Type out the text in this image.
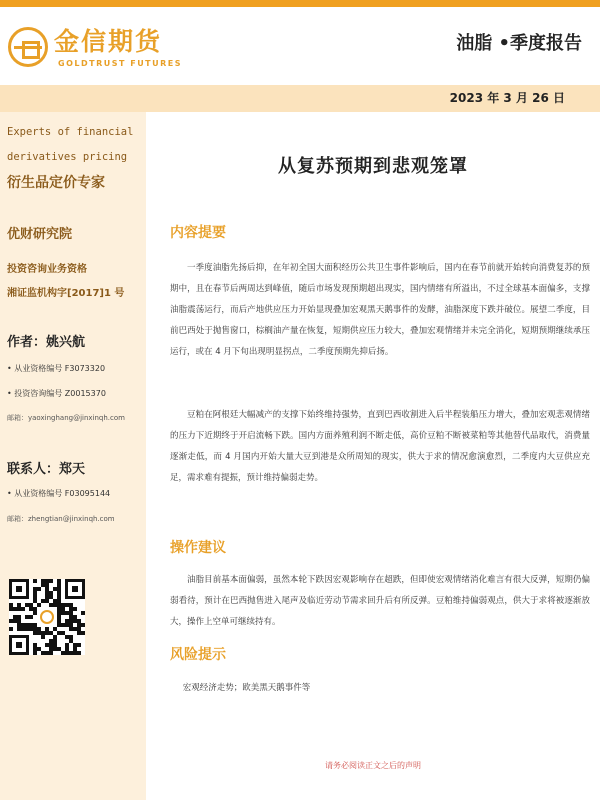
金信期货
GOLDTRUST FUTURES
油脂 •季度报告
2023 年 3 月 26 日
Experts of financial
derivatives pricing
衍生品定价专家
优财研究院
投资咨询业务资格
湘证监机构字[2017]1 号
作者：姚兴航
• 从业资格编号 F3073320
• 投资咨询编号 Z0015370
邮箱：yaoxinghang@jinxinqh.com
联系人：郑天
• 从业资格编号 F03095144
邮箱：zhengtian@jinxinqh.com
从复苏预期到悲观笼罩
内容提要

一季度油脂先扬后抑，在年初全国大面积经历公共卫生事件影响后，国内在春节前就开始转向消费复苏的预期中，且在春节后两周达到峰值，随后市场发现预期超出现实，国内情绪有所溢出，不过全球基本面偏多，支撑油脂震荡运行，而后产地供应压力开始显现叠加宏观黑天鹅事件的发酵，油脂深度下跌并破位。展望二季度，目前巴西处于抛售窗口，棕榈油产量在恢复，短期供应压力较大，叠加宏观情绪并未完全消化，短期预期继续承压运行，或在 4 月下旬出现明显拐点，二季度预期先抑后扬。

豆粕在阿根廷大幅减产的支撑下始终维持强势，直到巴西收割进入后半程装船压力增大，叠加宏观悲观情绪的压力下近期终于开启流畅下跌。国内方面养殖利润不断走低，高价豆粕不断被菜粕等其他替代品取代，消费量逐渐走低，而 4 月国内开始大量大豆到港是众所周知的现实，供大于求的情况愈演愈烈，二季度内大豆供应充足，需求难有提振，预计维持偏弱走势。

操作建议

油脂目前基本面偏弱，虽然本轮下跌因宏观影响存在超跌，但即使宏观情绪消化难言有很大反弹，短期仍偏弱看待，预计在巴西抛售进入尾声及临近劳动节需求回升后有所反弹。豆粕维持偏弱观点，供大于求将被逐渐放大，操作上空单可继续持有。

风险提示

宏观经济走势；欧美黑天鹅事件等

请务必阅读正文之后的声明
